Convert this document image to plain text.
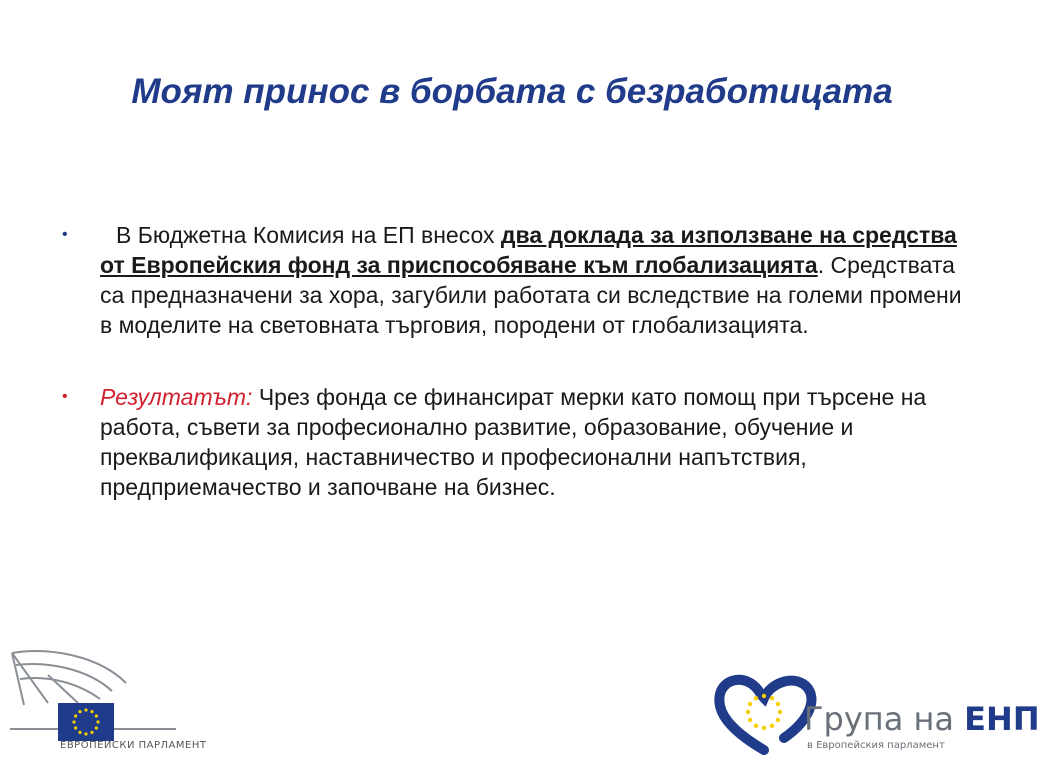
Моят принос в борбата с безработицата
•	В Бюджетна Комисия на ЕП внесох два доклада за използване на средства от Европейския фонд за приспособяване към глобализацията. Средствата са предназначени за хора, загубили работата си вследствие на големи промени в моделите на световната търговия, породени от глобализацията.
•	Резултатът: Чрез фонда се финансират мерки като помощ при търсене на работа, съвети за професионално развитие, образование, обучение и преквалификация, наставничество и професионални напътствия, предприемачество и започване на бизнес.
ЕВРОПЕЙСКИ ПАРЛАМЕНТ
Група на ЕНП
в Европейския парламент
